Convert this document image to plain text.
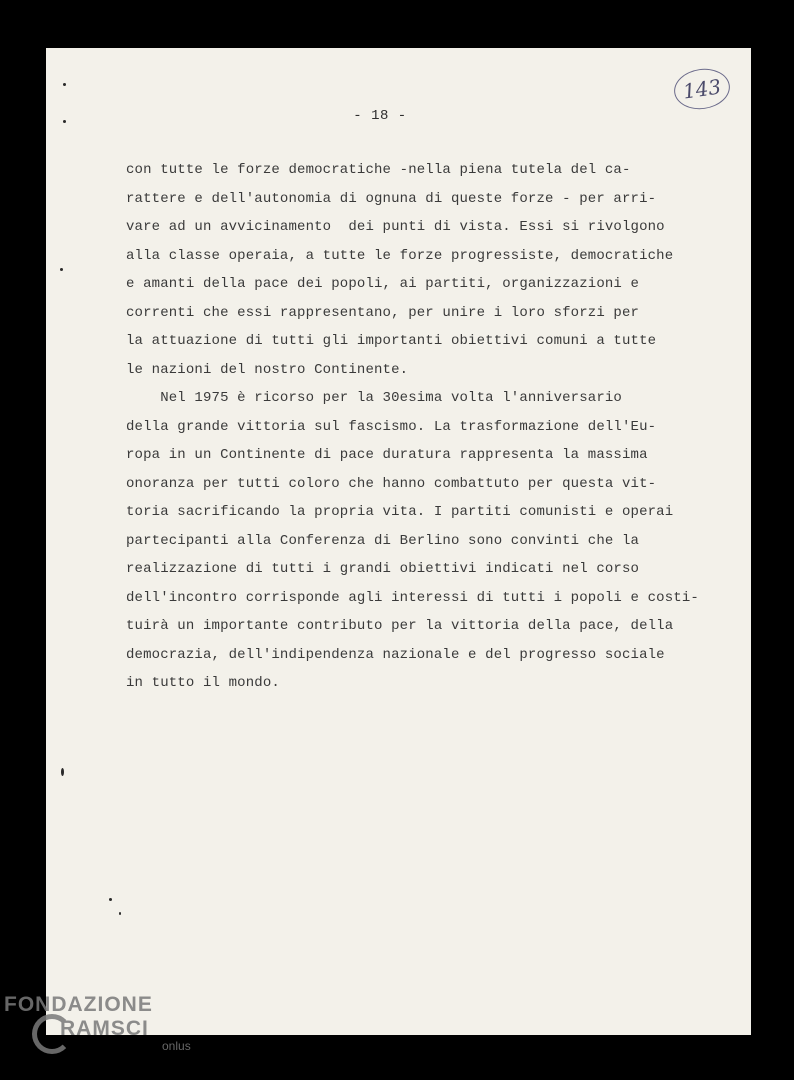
143
- 18 -
con tutte le forze democratiche -nella piena tutela del ca-
rattere e dell'autonomia di ognuna di queste forze - per arri-
vare ad un avvicinamento  dei punti di vista. Essi si rivolgono
alla classe operaia, a tutte le forze progressiste, democratiche
e amanti della pace dei popoli, ai partiti, organizzazioni e
correnti che essi rappresentano, per unire i loro sforzi per
la attuazione di tutti gli importanti obiettivi comuni a tutte
le nazioni del nostro Continente.
Nel 1975 è ricorso per la 30esima volta l'anniversario
della grande vittoria sul fascismo. La trasformazione dell'Eu-
ropa in un Continente di pace duratura rappresenta la massima
onoranza per tutti coloro che hanno combattuto per questa vit-
toria sacrificando la propria vita. I partiti comunisti e operai
partecipanti alla Conferenza di Berlino sono convinti che la
realizzazione di tutti i grandi obiettivi indicati nel corso
dell'incontro corrisponde agli interessi di tutti i popoli e costi-
tuirà un importante contributo per la vittoria della pace, della
democrazia, dell'indipendenza nazionale e del progresso sociale
in tutto il mondo.
FONDAZIONE
RAMSCI
onlus
